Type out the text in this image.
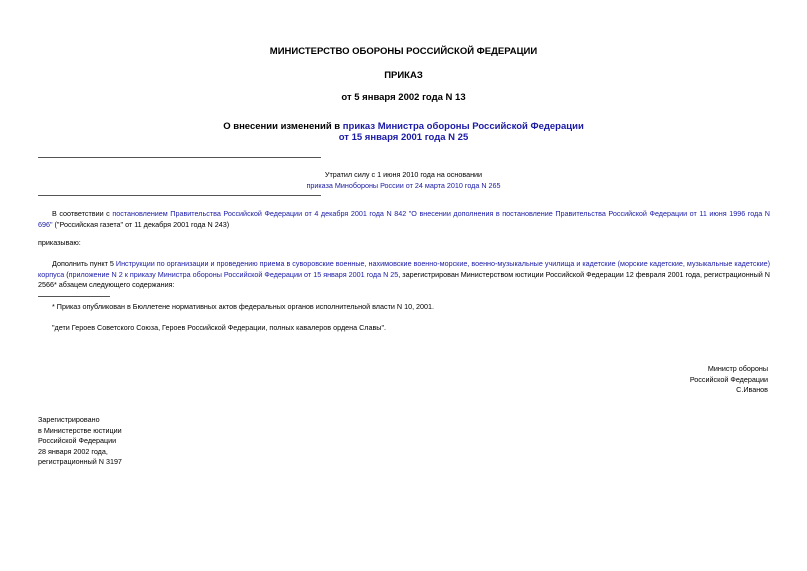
МИНИСТЕРСТВО ОБОРОНЫ РОССИЙСКОЙ ФЕДЕРАЦИИ
ПРИКАЗ
от 5 января 2002 года N 13
О внесении изменений в приказ Министра обороны Российской Федерации
от 15 января 2001 года N 25
Утратил силу с 1 июня 2010 года на основании
приказа Минобороны России от 24 марта 2010 года N 265
В соответствии с постановлением Правительства Российской Федерации от 4 декабря 2001 года N 842 "О внесении дополнения в постановление Правительства Российской Федерации от 11 июня 1996 года N 696" ("Российская газета" от 11 декабря 2001 года N 243)
приказываю:
Дополнить пункт 5 Инструкции по организации и проведению приема в суворовские военные, нахимовские военно-морские, военно-музыкальные училища и кадетские (морские кадетские, музыкальные кадетские) корпуса (приложение N 2 к приказу Министра обороны Российской Федерации от 15 января 2001 года N 25, зарегистрирован Министерством юстиции Российской Федерации 12 февраля 2001 года, регистрационный N 2566* абзацем следующего содержания:
* Приказ опубликован в Бюллетене нормативных актов федеральных органов исполнительной власти N 10, 2001.
"дети Героев Советского Союза, Героев Российской Федерации, полных кавалеров ордена Славы".
Министр обороны
Российской Федерации
С.Иванов
Зарегистрировано
в Министерстве юстиции
Российской Федерации
28 января 2002 года,
регистрационный N 3197
